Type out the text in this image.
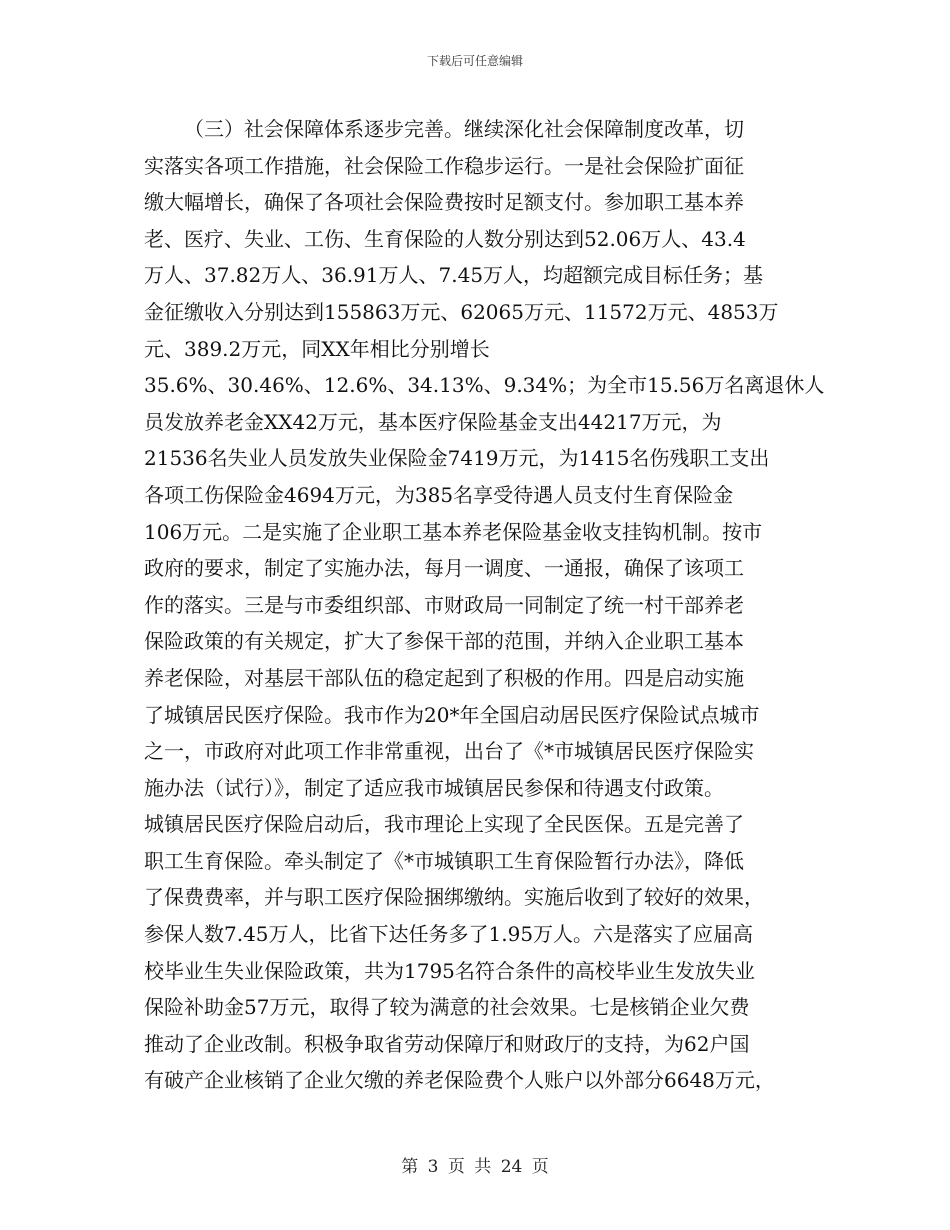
下载后可任意编辑
（三）社会保障体系逐步完善。继续深化社会保障制度改革，切
实落实各项工作措施，社会保险工作稳步运行。一是社会保险扩面征
缴大幅增长，确保了各项社会保险费按时足额支付。参加职工基本养
老、医疗、失业、工伤、生育保险的人数分别达到52.06万人、43.4
万人、37.82万人、36.91万人、7.45万人，均超额完成目标任务；基
金征缴收入分别达到155863万元、62065万元、11572万元、4853万
元、389.2万元，同XX年相比分别增长
35.6%、30.46%、12.6%、34.13%、9.34%；为全市15.56万名离退休人
员发放养老金XX42万元，基本医疗保险基金支出44217万元，为
21536名失业人员发放失业保险金7419万元，为1415名伤残职工支出
各项工伤保险金4694万元，为385名享受待遇人员支付生育保险金
106万元。二是实施了企业职工基本养老保险基金收支挂钩机制。按市
政府的要求，制定了实施办法，每月一调度、一通报，确保了该项工
作的落实。三是与市委组织部、市财政局一同制定了统一村干部养老
保险政策的有关规定，扩大了参保干部的范围，并纳入企业职工基本
养老保险，对基层干部队伍的稳定起到了积极的作用。四是启动实施
了城镇居民医疗保险。我市作为20*年全国启动居民医疗保险试点城市
之一，市政府对此项工作非常重视，出台了《*市城镇居民医疗保险实
施办法（试行）》，制定了适应我市城镇居民参保和待遇支付政策。
城镇居民医疗保险启动后，我市理论上实现了全民医保。五是完善了
职工生育保险。牵头制定了《*市城镇职工生育保险暂行办法》，降低
了保费费率，并与职工医疗保险捆绑缴纳。实施后收到了较好的效果，
参保人数7.45万人，比省下达任务多了1.95万人。六是落实了应届高
校毕业生失业保险政策，共为1795名符合条件的高校毕业生发放失业
保险补助金57万元，取得了较为满意的社会效果。七是核销企业欠费
推动了企业改制。积极争取省劳动保障厅和财政厅的支持，为62户国
有破产企业核销了企业欠缴的养老保险费个人账户以外部分6648万元，
第 3 页 共 24 页
